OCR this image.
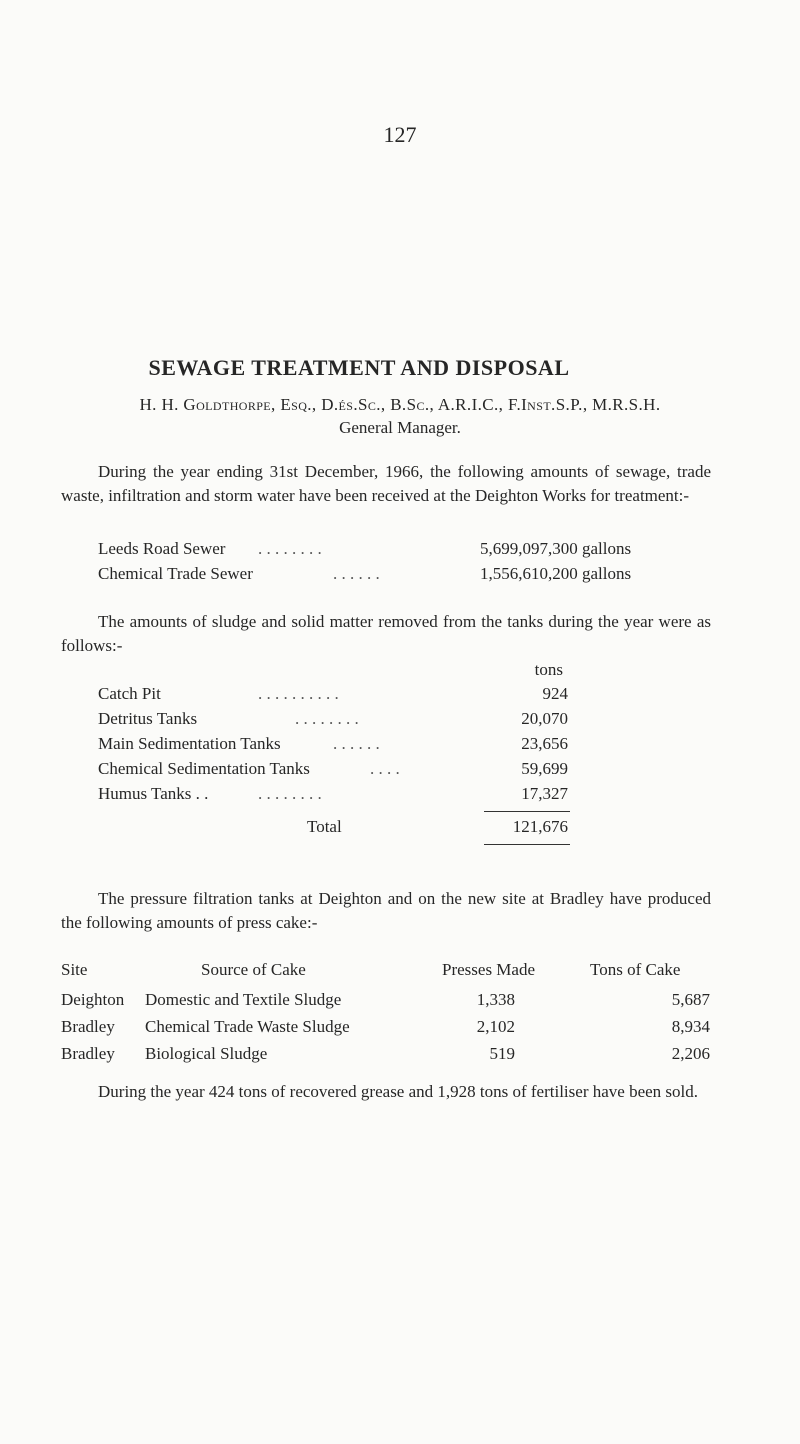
127
SEWAGE TREATMENT AND DISPOSAL
H. H. Goldthorpe, Esq., D.és.Sc., B.Sc., A.R.I.C., F.Inst.S.P., M.R.S.H.
General Manager.
During the year ending 31st December, 1966, the following amounts of sewage, trade waste, infiltration and storm water have been received at the Deighton Works for treatment:-
Leeds Road Sewer . . . . . . . .	5,699,097,300 gallons
Chemical Trade Sewer	. . . . . .	1,556,610,200 gallons
The amounts of sludge and solid matter removed from the tanks during the year were as follows:-
tons
Catch Pit	. . . . . . . . . .	924
Detritus Tanks	. . . . . . . .	20,070
Main Sedimentation Tanks	. . . . . .	23,656
Chemical Sedimentation Tanks	. . . .	59,699
Humus Tanks . .	. . . . . . . .	17,327
Total	121,676
The pressure filtration tanks at Deighton and on the new site at Bradley have produced the following amounts of press cake:-
Site	Source of Cake	Presses Made	Tons of Cake
Deighton Domestic and Textile Sludge	1,338	5,687
Bradley Chemical Trade Waste Sludge	2,102	8,934
Bradley Biological Sludge	519	2,206
During the year 424 tons of recovered grease and 1,928 tons of fertiliser have been sold.
